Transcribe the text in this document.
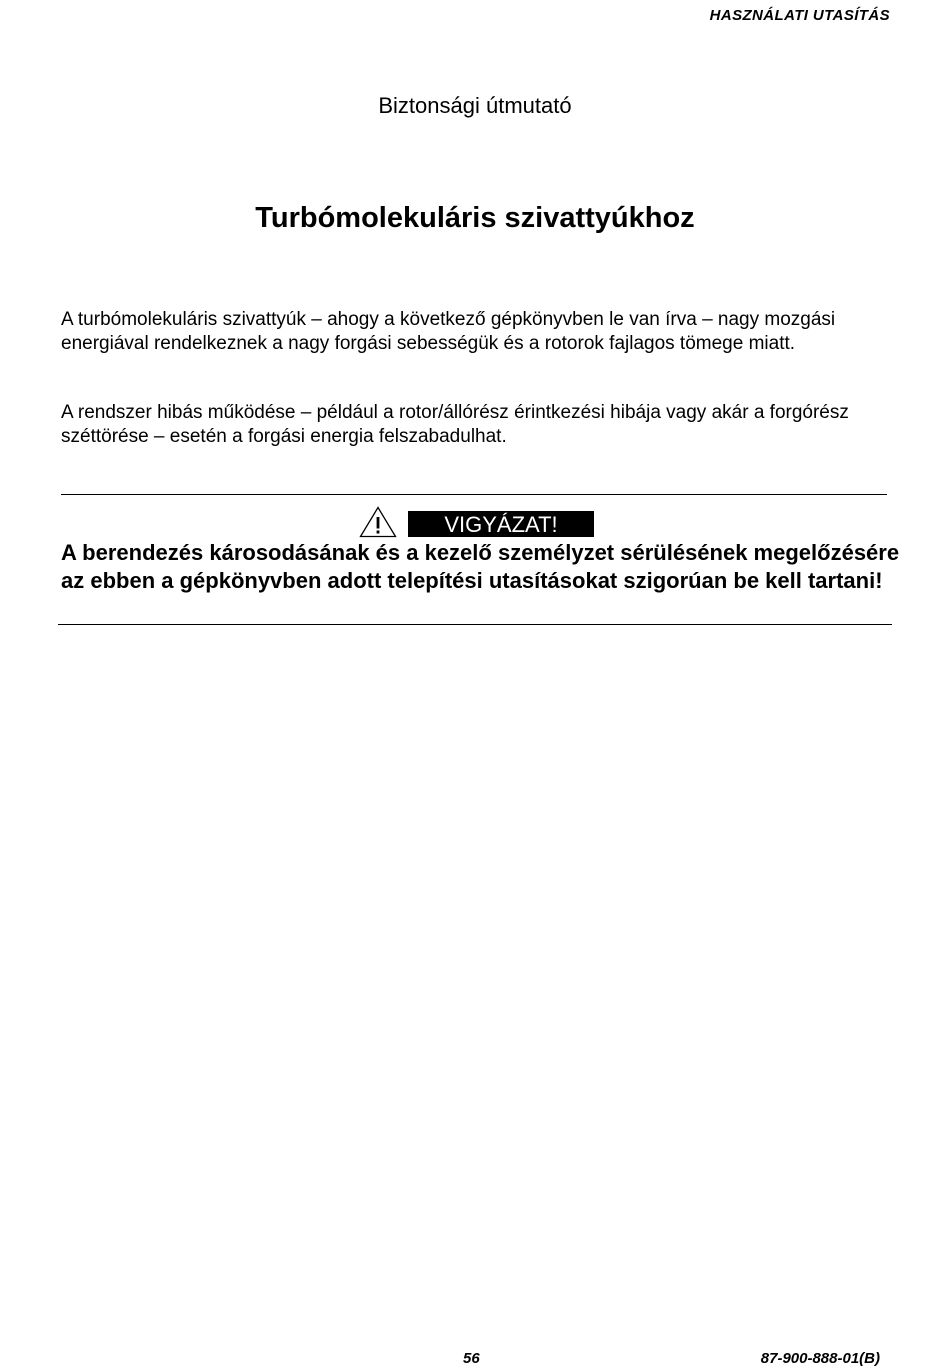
HASZNÁLATI UTASÍTÁS
Biztonsági útmutató
Turbómolekuláris szivattyúkhoz
A turbómolekuláris szivattyúk – ahogy a következő gépkönyvben le van írva – nagy mozgási energiával rendelkeznek a nagy forgási sebességük és a rotorok fajlagos tömege miatt.
A rendszer hibás működése – például a rotor/állórész érintkezési hibája vagy akár a forgórész széttörése – esetén a forgási energia felszabadulhat.
VIGYÁZAT!
A berendezés károsodásának és a kezelő személyzet sérülésének megelőzésére az ebben a gépkönyvben adott telepítési utasításokat szigorúan be kell tartani!
56	87-900-888-01(B)
